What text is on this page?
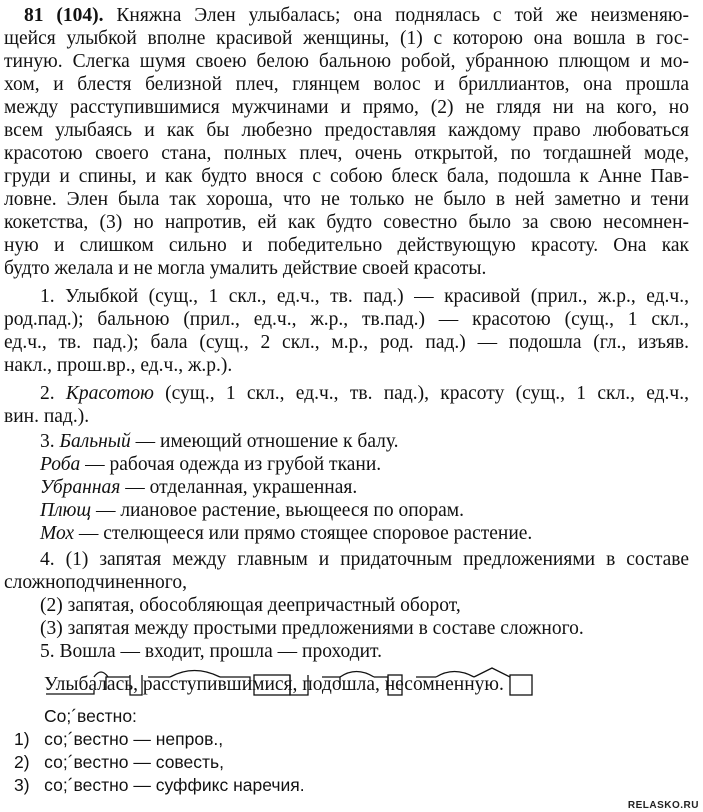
81 (104). Княжна Элен улыбалась; она поднялась с той же неизменяю-
щейся улыбкой вполне красивой женщины, (1) с которою она вошла в гос-
тиную. Слегка шумя своею белою бальною робой, убранною плющом и мо-
хом, и блестя белизной плеч, глянцем волос и бриллиантов, она прошла
между расступившимися мужчинами и прямо, (2) не глядя ни на кого, но
всем улыбаясь и как бы любезно предоставляя каждому право любоваться
красотою своего стана, полных плеч, очень открытой, по тогдашней моде,
груди и спины, и как будто внося с собою блеск бала, подошла к Анне Пав-
ловне. Элен была так хороша, что не только не было в ней заметно и тени
кокетства, (3) но напротив, ей как будто совестно было за свою несомнен-
ную и слишком сильно и победительно действующую красоту. Она как
будто желала и не могла умалить действие своей красоты.
1. Улыбкой (сущ., 1 скл., ед.ч., тв. пад.) — красивой (прил., ж.р., ед.ч.,
род.пад.); бальною (прил., ед.ч., ж.р., тв.пад.) — красотою (сущ., 1 скл.,
ед.ч., тв. пад.); бала (сущ., 2 скл., м.р., род. пад.) — подошла (гл., изъяв.
накл., прош.вр., ед.ч., ж.р.).
2. Красотою (сущ., 1 скл., ед.ч., тв. пад.), красоту (сущ., 1 скл., ед.ч.,
вин. пад.).
3. Бальный — имеющий отношение к балу.
Роба — рабочая одежда из грубой ткани.
Убранная — отделанная, украшенная.
Плющ — лиановое растение, вьющееся по опорам.
Мох — стелющееся или прямо стоящее споровое растение.
4. (1) запятая между главным и придаточным предложениями в составе
сложноподчиненного,
(2) запятая, обособляющая деепричастный оборот,
(3) запятая между простыми предложениями в составе сложного.
5. Вошла — входит, прошла — проходит.
Улыбалась, расступившимися, подошла, несомненную.
Со;´вестно:
1) со;´вестно — непров.,
2) со;´вестно — совесть,
3) со;´вестно — суффикс наречия.
RELASKO.RU
